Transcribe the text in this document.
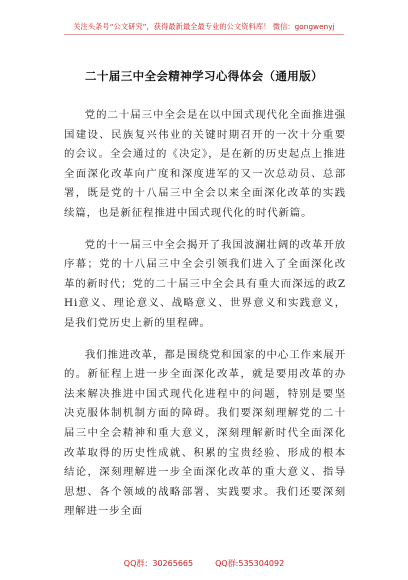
关注头条号“公文研究”，获得最新最全最专业的公文资料库！ 微信：gongwenyj
二十届三中全会精神学习心得体会（通用版）

党的二十届三中全会是在以中国式现代化全面推进强国建设、民族复兴伟业的关键时期召开的一次十分重要的会议。全会通过的《决定》，是在新的历史起点上推进全面深化改革向广度和深度进军的又一次总动员、总部署，既是党的十八届三中全会以来全面深化改革的实践续篇，也是新征程推进中国式现代化的时代新篇。

党的十一届三中全会揭开了我国波澜壮阔的改革开放序幕；党的十八届三中全会引领我们进入了全面深化改革的新时代；党的二十届三中全会具有重大而深远的政ZHi意义、理论意义、战略意义、世界意义和实践意义，是我们党历史上新的里程碑。

我们推进改革，都是围绕党和国家的中心工作来展开的。新征程上进一步全面深化改革，就是要用改革的办法来解决推进中国式现代化进程中的问题，特别是要坚决克服体制机制方面的障碍。我们要深刻理解党的二十届三中全会精神和重大意义，深刻理解新时代全面深化改革取得的历史性成就、积累的宝贵经验、形成的根本结论，深刻理解进一步全面深化改革的重大意义、指导思想、各个领域的战略部署、实践要求。我们还要深刻理解进一步全面

QQ群：30265665	QQ群:535304092
